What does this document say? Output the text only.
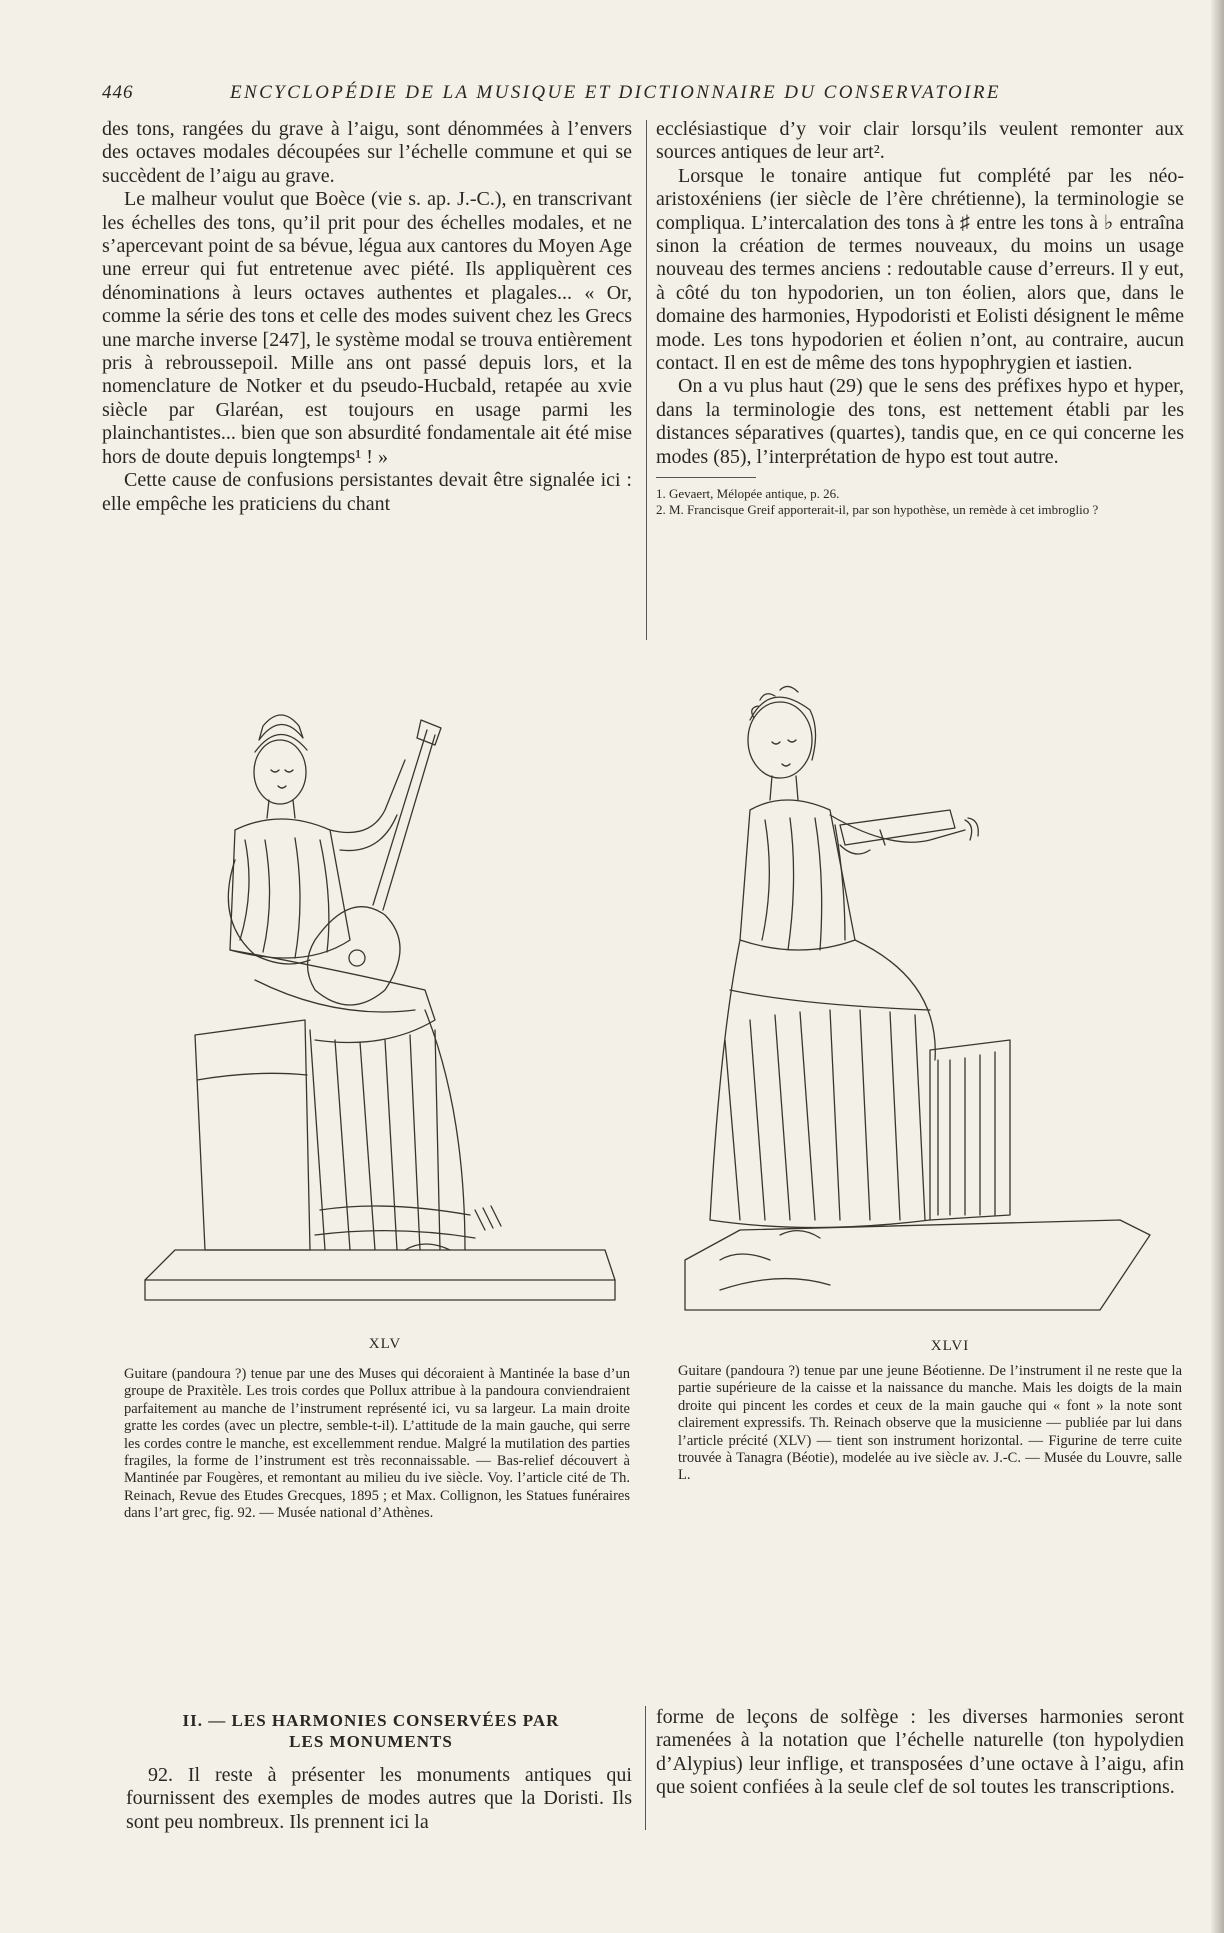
446	ENCYCLOPÉDIE DE LA MUSIQUE ET DICTIONNAIRE DU CONSERVATOIRE

des tons, rangées du grave à l’aigu, sont dénommées à l’envers des octaves modales découpées sur l’échelle commune et qui se succèdent de l’aigu au grave.

Le malheur voulut que Boèce (vie s. ap. J.-C.), en transcrivant les échelles des tons, qu’il prit pour des échelles modales, et ne s’apercevant point de sa bévue, légua aux cantores du Moyen Age une erreur qui fut entretenue avec piété. Ils appliquèrent ces dénominations à leurs octaves authentes et plagales... « Or, comme la série des tons et celle des modes suivent chez les Grecs une marche inverse [247], le système modal se trouva entièrement pris à rebroussepoil. Mille ans ont passé depuis lors, et la nomenclature de Notker et du pseudo-Hucbald, retapée au xvie siècle par Glaréan, est toujours en usage parmi les plainchantistes... bien que son absurdité fondamentale ait été mise hors de doute depuis longtemps¹ ! »

Cette cause de confusions persistantes devait être signalée ici : elle empêche les praticiens du chant

ecclésiastique d’y voir clair lorsqu’ils veulent remonter aux sources antiques de leur art².

Lorsque le tonaire antique fut complété par les néo-aristoxéniens (ier siècle de l’ère chrétienne), la terminologie se compliqua. L’intercalation des tons à ♯ entre les tons à ♭ entraîna sinon la création de termes nouveaux, du moins un usage nouveau des termes anciens : redoutable cause d’erreurs. Il y eut, à côté du ton hypodorien, un ton éolien, alors que, dans le domaine des harmonies, Hypodoristi et Eolisti désignent le même mode. Les tons hypodorien et éolien n’ont, au contraire, aucun contact. Il en est de même des tons hypophrygien et iastien.

On a vu plus haut (29) que le sens des préfixes hypo et hyper, dans la terminologie des tons, est nettement établi par les distances séparatives (quartes), tandis que, en ce qui concerne les modes (85), l’interprétation de hypo est tout autre.

1. Gevaert, Mélopée antique, p. 26.

2. M. Francisque Greif apporterait-il, par son hypothèse, un remède à cet imbroglio ?

XLV
Guitare (pandoura ?) tenue par une des Muses qui décoraient à Mantinée la base d’un groupe de Praxitèle. Les trois cordes que Pollux attribue à la pandoura conviendraient parfaitement au manche de l’instrument représenté ici, vu sa largeur. La main droite gratte les cordes (avec un plectre, semble-t-il). L’attitude de la main gauche, qui serre les cordes contre le manche, est excellemment rendue. Malgré la mutilation des parties fragiles, la forme de l’instrument est très reconnaissable. — Bas-relief découvert à Mantinée par Fougères, et remontant au milieu du ive siècle. Voy. l’article cité de Th. Reinach, Revue des Etudes Grecques, 1895 ; et Max. Collignon, les Statues funéraires dans l’art grec, fig. 92. — Musée national d’Athènes.
XLVI
Guitare (pandoura ?) tenue par une jeune Béotienne. De l’instrument il ne reste que la partie supérieure de la caisse et la naissance du manche. Mais les doigts de la main droite qui pincent les cordes et ceux de la main gauche qui « font » la note sont clairement expressifs. Th. Reinach observe que la musicienne — publiée par lui dans l’article précité (XLV) — tient son instrument horizontal. — Figurine de terre cuite trouvée à Tanagra (Béotie), modelée au ive siècle av. J.-C. — Musée du Louvre, salle L.
II. — LES HARMONIES CONSERVÉES PAR
LES MONUMENTS
92. Il reste à présenter les monuments antiques qui fournissent des exemples de modes autres que la Doristi. Ils sont peu nombreux. Ils prennent ici la
forme de leçons de solfège : les diverses harmonies seront ramenées à la notation que l’échelle naturelle (ton hypolydien d’Alypius) leur inflige, et transposées d’une octave à l’aigu, afin que soient confiées à la seule clef de sol toutes les transcriptions.
